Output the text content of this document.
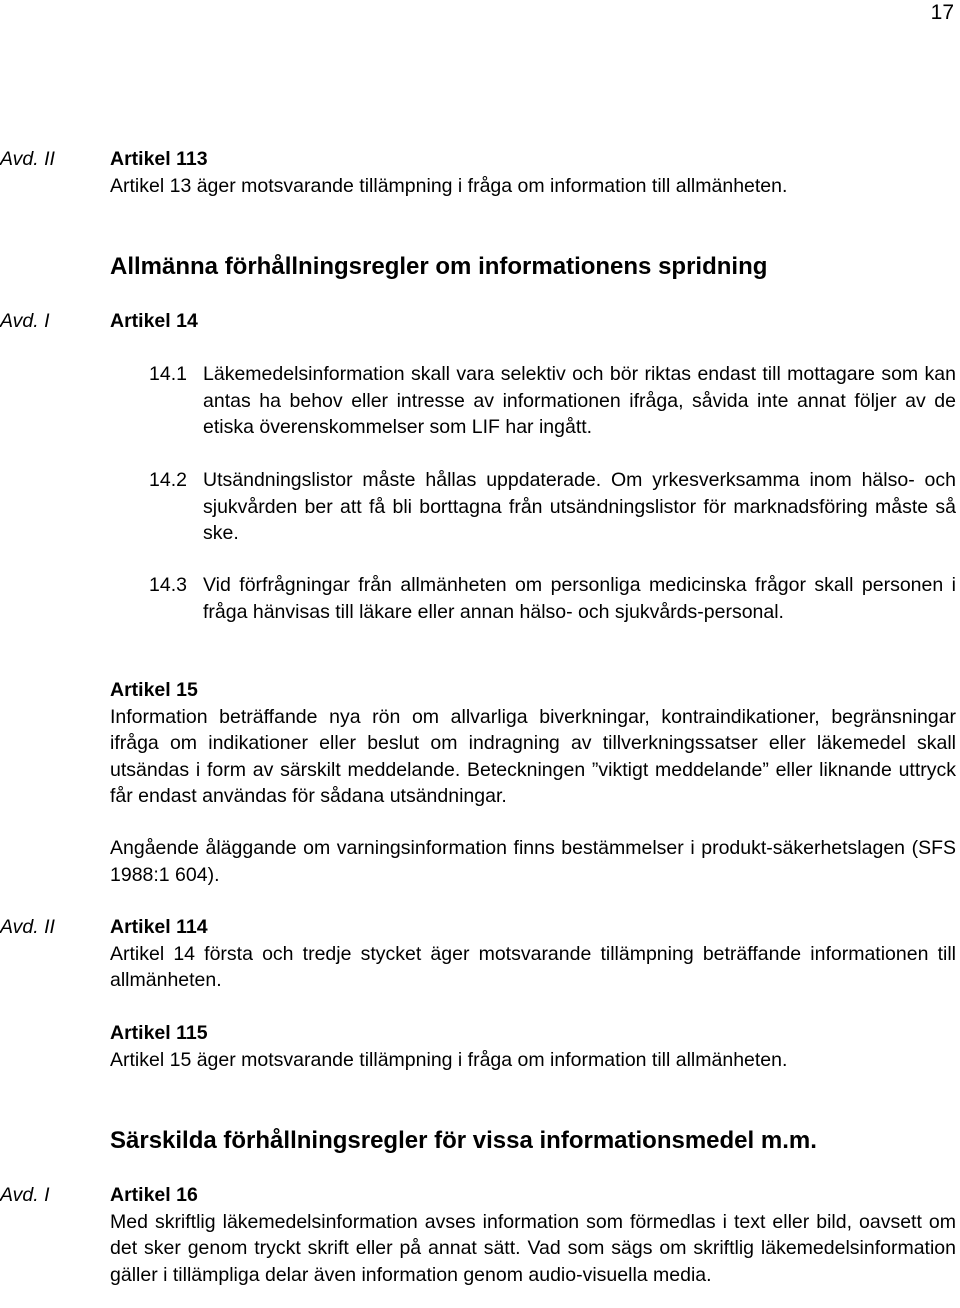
17
Avd. II	Artikel 113

Artikel 13 äger motsvarande tillämpning i fråga om information till allmänheten.

Allmänna förhållningsregler om informationens spridning
Avd. I	Artikel 14

14.1 Läkemedelsinformation skall vara selektiv och bör riktas endast till mottagare som kan antas ha behov eller intresse av informationen ifråga, såvida inte annat följer av de etiska överenskommelser som LIF har ingått.

14.2 Utsändningslistor måste hållas uppdaterade. Om yrkesverksamma inom hälso- och sjukvården ber att få bli borttagna från utsändningslistor för marknadsföring måste så ske.

14.3 Vid förfrågningar från allmänheten om personliga medicinska frågor skall personen i fråga hänvisas till läkare eller annan hälso- och sjukvårds-personal.

Artikel 15

Information beträffande nya rön om allvarliga biverkningar, kontraindikationer, begränsningar ifråga om indikationer eller beslut om indragning av tillverkningssatser eller läkemedel skall utsändas i form av särskilt meddelande. Beteckningen ”viktigt meddelande” eller liknande uttryck får endast användas för sådana utsändningar.

Angående åläggande om varningsinformation finns bestämmelser i produkt-säkerhetslagen (SFS 1988:1 604).

Avd. II	Artikel 114

Artikel 14 första och tredje stycket äger motsvarande tillämpning beträffande informationen till allmänheten.

Artikel 115

Artikel 15 äger motsvarande tillämpning i fråga om information till allmänheten.

Särskilda förhållningsregler för vissa informationsmedel m.m.
Avd. I	Artikel 16

Med skriftlig läkemedelsinformation avses information som förmedlas i text eller bild, oavsett om det sker genom tryckt skrift eller på annat sätt. Vad som sägs om skriftlig läkemedelsinformation gäller i tillämpliga delar även information genom audio-visuella media.
